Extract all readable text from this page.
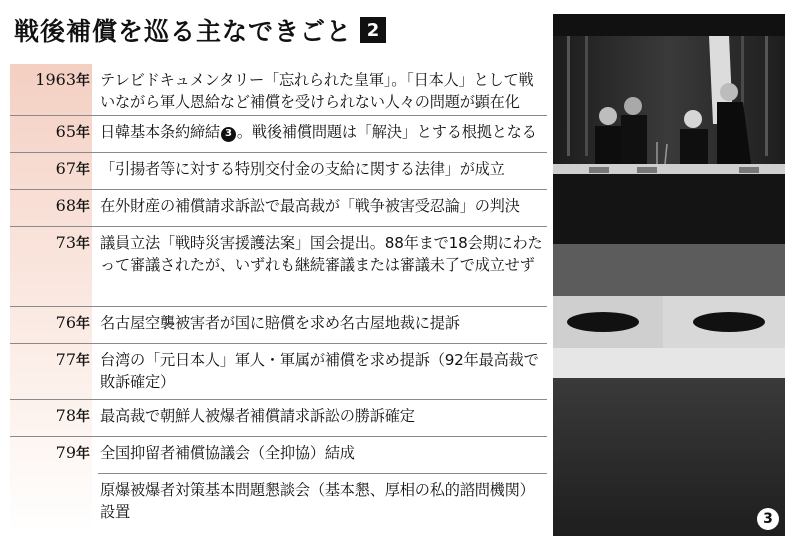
戦後補償を巡る主なできごと 2
1963年 テレビドキュメンタリー「忘れられた皇軍」。「日本人」として戦いながら軍人恩給など補償を受けられない人々の問題が顕在化
65年 日韓基本条約締結 3 。戦後補償問題は「解決」とする根拠となる
67年 「引揚者等に対する特別交付金の支給に関する法律」が成立
68年 在外財産の補償請求訴訟で最高裁が「戦争被害受忍論」の判決
73年 議員立法「戦時災害援護法案」国会提出。88年まで18会期にわたって審議されたが、いずれも継続審議または審議未了で成立せず
76年 名古屋空襲被害者が国に賠償を求め名古屋地裁に提訴
77年 台湾の「元日本人」軍人・軍属が補償を求め提訴（92年最高裁で敗訴確定）
78年 最高裁で朝鮮人被爆者補償請求訴訟の勝訴確定
79年 全国抑留者補償協議会（全抑協）結成
原爆被爆者対策基本問題懇談会（基本懇、厚相の私的諮問機関）設置	3
